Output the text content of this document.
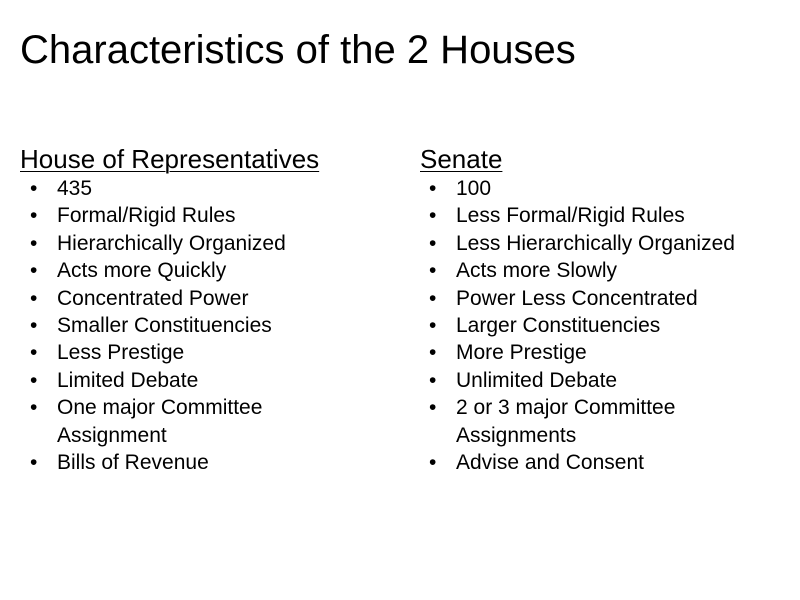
Characteristics of the 2 Houses
House of Representatives	Senate
• 435
• Formal/Rigid Rules
• Hierarchically Organized
• Acts more Quickly
• Concentrated Power
• Smaller Constituencies
• Less Prestige
• Limited Debate
• One major Committee Assignment
• Bills of Revenue
• 100
• Less Formal/Rigid Rules
• Less Hierarchically Organized
• Acts more Slowly
• Power Less Concentrated
• Larger Constituencies
• More Prestige
• Unlimited Debate
• 2 or 3 major Committee Assignments
• Advise and Consent
